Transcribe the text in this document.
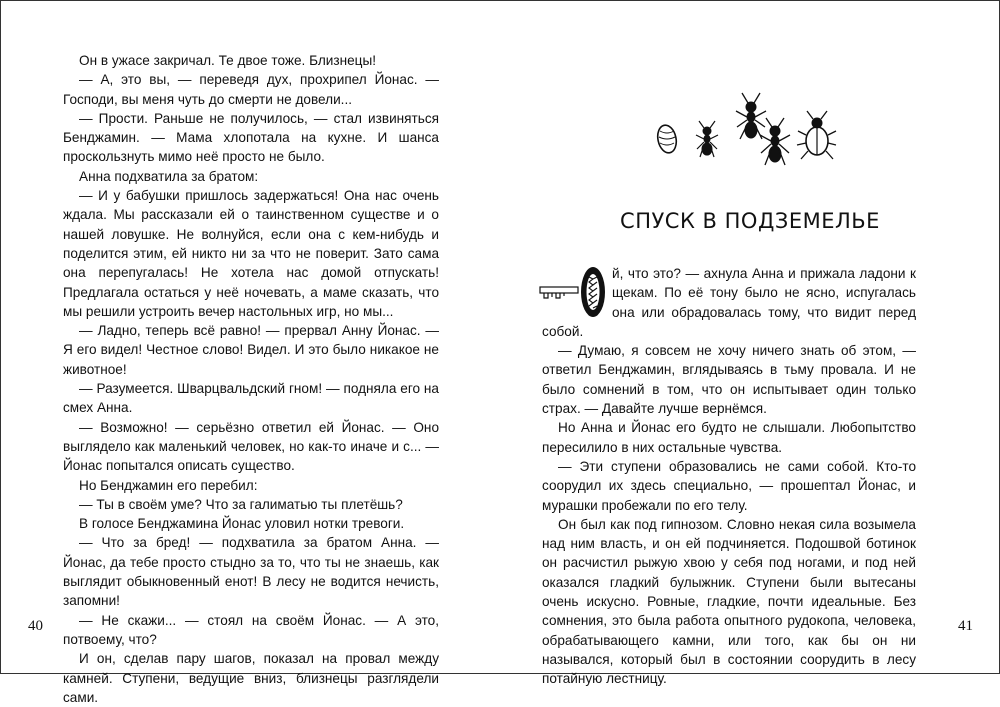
Он в ужасе закричал. Те двое тоже. Близнецы!

— А, это вы, — переведя дух, прохрипел Йонас. — Господи, вы меня чуть до смерти не довели...

— Прости. Раньше не получилось, — стал извиняться Бенджамин. — Мама хлопотала на кухне. И шанса проскользнуть мимо неё просто не было.

Анна подхватила за братом:

— И у бабушки пришлось задержаться! Она нас очень ждала. Мы рассказали ей о таинственном существе и о нашей ловушке. Не волнуйся, если она с кем-нибудь и поделится этим, ей никто ни за что не поверит. Зато сама она перепугалась! Не хотела нас домой отпускать! Предлагала остаться у неё ночевать, а маме сказать, что мы решили устроить вечер настольных игр, но мы...

— Ладно, теперь всё равно! — прервал Анну Йонас. — Я его видел! Честное слово! Видел. И это было никакое не животное!

— Разумеется. Шварцвальдский гном! — подняла его на смех Анна.

— Возможно! — серьёзно ответил ей Йонас. — Оно выглядело как маленький человек, но как-то иначе и с... — Йонас попытался описать существо.

Но Бенджамин его перебил:

— Ты в своём уме? Что за галиматью ты плетёшь?

В голосе Бенджамина Йонас уловил нотки тревоги.

— Что за бред! — подхватила за братом Анна. — Йонас, да тебе просто стыдно за то, что ты не знаешь, как выглядит обыкновенный енот! В лесу не водится нечисть, запомни!

— Не скажи... — стоял на своём Йонас. — А это, потвоему, что?

И он, сделав пару шагов, показал на провал между камней. Ступени, ведущие вниз, близнецы разглядели сами.

40
СПУСК В ПОДЗЕМЕЛЬЕ

й, что это? — ахнула Анна и прижала ладони к щекам. По её тону было не ясно, испугалась она или обрадовалась тому, что видит перед собой.

— Думаю, я совсем не хочу ничего знать об этом, — ответил Бенджамин, вглядываясь в тьму провала. И не было сомнений в том, что он испытывает один только страх. — Давайте лучше вернёмся.

Но Анна и Йонас его будто не слышали. Любопытство пересилило в них остальные чувства.

— Эти ступени образовались не сами собой. Кто-то соорудил их здесь специально, — прошептал Йонас, и мурашки пробежали по его телу.

Он был как под гипнозом. Словно некая сила возымела над ним власть, и он ей подчиняется. Подошвой ботинок он расчистил рыжую хвою у себя под ногами, и под ней оказался гладкий булыжник. Ступени были вытесаны очень искусно. Ровные, гладкие, почти идеальные. Без сомнения, это была работа опытного рудокопа, человека, обрабатывающего камни, или того, как бы он ни назывался, который был в состоянии соорудить в лесу потайную лестницу.

41
